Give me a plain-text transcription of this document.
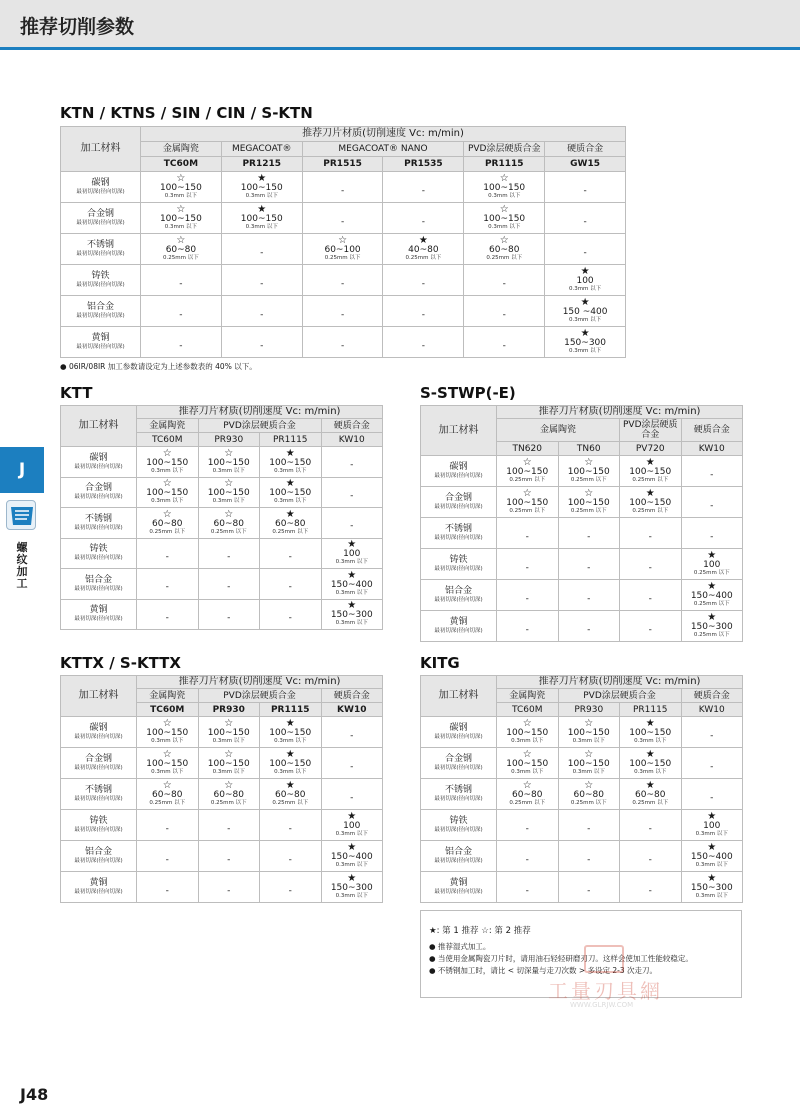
推荐切削参数
J
螺纹加工
KTN / KTNS / SIN / CIN / S-KTN
加工材料	推荐刀片材质(切削速度 Vc: m/min)					
	金属陶瓷	MEGACOAT®	MEGACOAT® NANO		PVD涂层硬质合金	硬质合金
	TC60M	PR1215	PR1515	PR1535	PR1115	GW15

碳钢
最初切深(径向切深)	☆
100~150
0.3mm 以下	★
100~150
0.3mm 以下	-	-	☆
100~150
0.3mm 以下	-

合金钢
最初切深(径向切深)	☆
100~150
0.3mm 以下	★
100~150
0.3mm 以下	-	-	☆
100~150
0.3mm 以下	-

不锈钢
最初切深(径向切深)	☆
60~80
0.25mm 以下	-	☆
60~100
0.25mm 以下	★
40~80
0.25mm 以下	☆
60~80
0.25mm 以下	-

铸铁
最初切深(径向切深)	-	-	-	-	-	★
100
0.3mm 以下

铝合金
最初切深(径向切深)	-	-	-	-	-	★
150 ~400
0.3mm 以下

黄铜
最初切深(径向切深)	-	-	-	-	-	★
150~300
0.3mm 以下
● 06IR/08IR 加工参数请设定为上述参数表的 40% 以下。
KTT
加工材料	推荐刀片材质(切削速度 Vc: m/min)			
	金属陶瓷	PVD涂层硬质合金		硬质合金
	TC60M	PR930	PR1115	KW10

碳钢
最初切深(径向切深)	☆
100~150
0.3mm 以下	☆
100~150
0.3mm 以下	★
100~150
0.3mm 以下	-

合金钢
最初切深(径向切深)	☆
100~150
0.3mm 以下	☆
100~150
0.3mm 以下	★
100~150
0.3mm 以下	-

不锈钢
最初切深(径向切深)	☆
60~80
0.25mm 以下	☆
60~80
0.25mm 以下	★
60~80
0.25mm 以下	-

铸铁
最初切深(径向切深)	-	-	-	★
100
0.3mm 以下

铝合金
最初切深(径向切深)	-	-	-	★
150~400
0.3mm 以下

黄铜
最初切深(径向切深)	-	-	-	★
150~300
0.3mm 以下
S-STWP(-E)
加工材料	推荐刀片材质(切削速度 Vc: m/min)			
	金属陶瓷		PVD涂层硬质合金	硬质合金
	TN620	TN60	PV720	KW10

碳钢
最初切深(径向切深)	☆
100~150
0.25mm 以下	☆
100~150
0.25mm 以下	★
100~150
0.25mm 以下	-

合金钢
最初切深(径向切深)	☆
100~150
0.25mm 以下	☆
100~150
0.25mm 以下	★
100~150
0.25mm 以下	-

不锈钢
最初切深(径向切深)	-	-	-	-

铸铁
最初切深(径向切深)	-	-	-	★
100
0.25mm 以下

铝合金
最初切深(径向切深)	-	-	-	★
150~400
0.25mm 以下

黄铜
最初切深(径向切深)	-	-	-	★
150~300
0.25mm 以下
KTTX / S-KTTX
加工材料	推荐刀片材质(切削速度 Vc: m/min)			
	金属陶瓷	PVD涂层硬质合金		硬质合金
	TC60M	PR930	PR1115	KW10

碳钢
最初切深(径向切深)	☆
100~150
0.3mm 以下	☆
100~150
0.3mm 以下	★
100~150
0.3mm 以下	-

合金钢
最初切深(径向切深)	☆
100~150
0.3mm 以下	☆
100~150
0.3mm 以下	★
100~150
0.3mm 以下	-

不锈钢
最初切深(径向切深)	☆
60~80
0.25mm 以下	☆
60~80
0.25mm 以下	★
60~80
0.25mm 以下	-

铸铁
最初切深(径向切深)	-	-	-	★
100
0.3mm 以下

铝合金
最初切深(径向切深)	-	-	-	★
150~400
0.3mm 以下

黄铜
最初切深(径向切深)	-	-	-	★
150~300
0.3mm 以下
KITG
加工材料	推荐刀片材质(切削速度 Vc: m/min)			
	金属陶瓷	PVD涂层硬质合金		硬质合金
	TC60M	PR930	PR1115	KW10

碳钢
最初切深(径向切深)	☆
100~150
0.3mm 以下	☆
100~150
0.3mm 以下	★
100~150
0.3mm 以下	-

合金钢
最初切深(径向切深)	☆
100~150
0.3mm 以下	☆
100~150
0.3mm 以下	★
100~150
0.3mm 以下	-

不锈钢
最初切深(径向切深)	☆
60~80
0.25mm 以下	☆
60~80
0.25mm 以下	★
60~80
0.25mm 以下	-

铸铁
最初切深(径向切深)	-	-	-	★
100
0.3mm 以下

铝合金
最初切深(径向切深)	-	-	-	★
150~400
0.3mm 以下

黄铜
最初切深(径向切深)	-	-	-	★
150~300
0.3mm 以下
★: 第 1 推荐 ☆: 第 2 推荐
● 推荐湿式加工。
● 当使用金属陶瓷刀片时，请用油石轻轻研磨刃刀。这样会使加工性能较稳定。
● 不锈钢加工时，请比 < 切深量与走刀次数 > 多设定 2-3 次走刀。
工量刃具網
WWW.GLRJW.COM
J48
